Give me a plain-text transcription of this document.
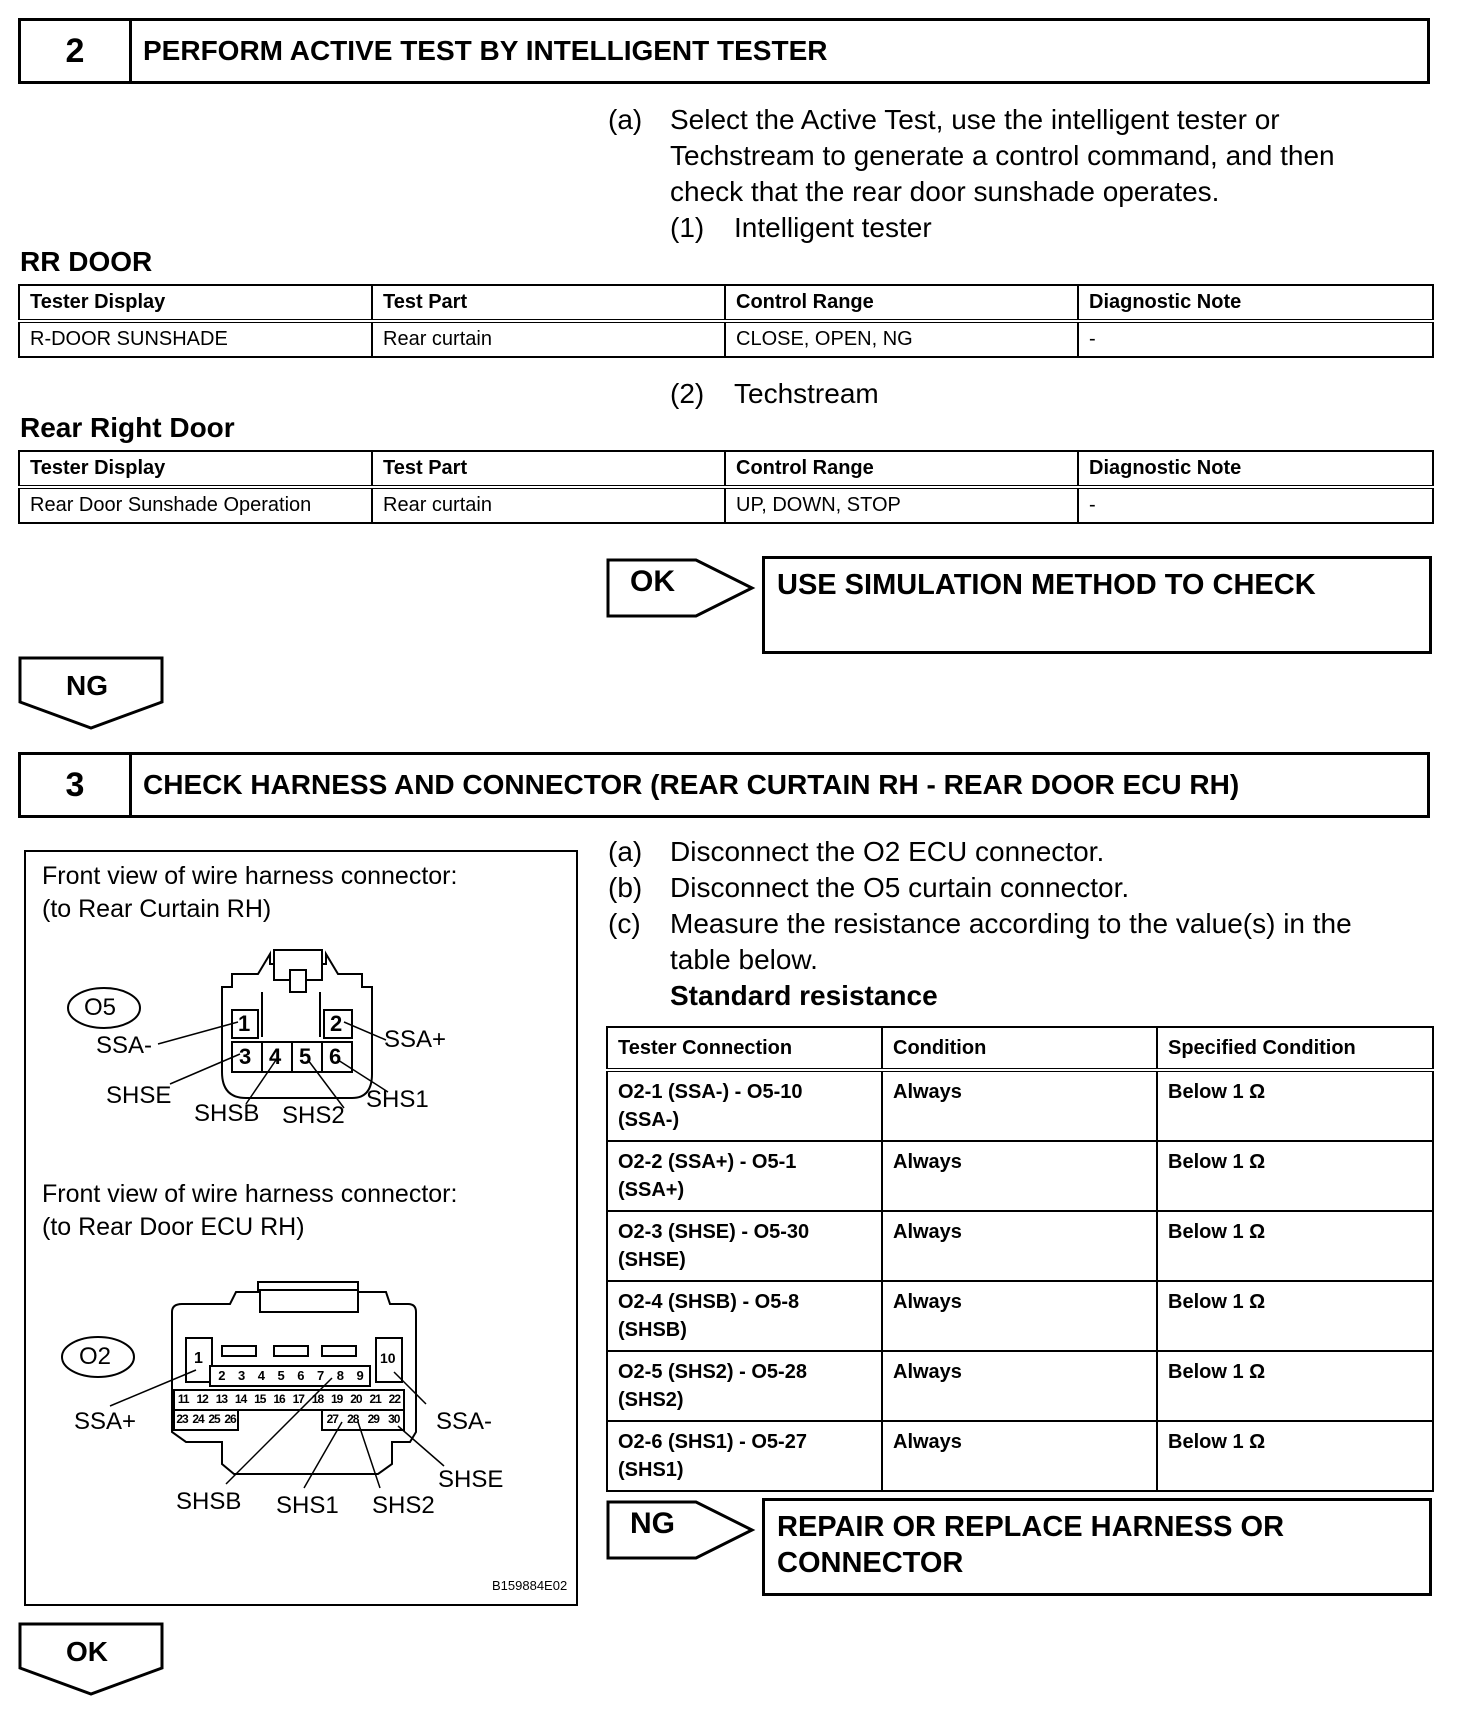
2	PERFORM ACTIVE TEST BY INTELLIGENT TESTER
(a) Select the Active Test, use the intelligent tester or
Techstream to generate a control command, and then
check that the rear door sunshade operates.
(1) Intelligent tester
RR DOOR
Tester Display	Test Part	Control Range	Diagnostic Note
R-DOOR SUNSHADE	Rear curtain	CLOSE, OPEN, NG	-
(2) Techstream
Rear Right Door
Tester Display	Test Part	Control Range	Diagnostic Note
Rear Door Sunshade Operation	Rear curtain	UP, DOWN, STOP	-
OK	USE SIMULATION METHOD TO CHECK
NG
3	CHECK HARNESS AND CONNECTOR (REAR CURTAIN RH - REAR DOOR ECU RH)
(a) Disconnect the O2 ECU connector.
(b) Disconnect the O5 curtain connector.
(c) Measure the resistance according to the value(s) in the
table below.
Standard resistance
Tester Connection	Condition	Specified Condition

O2-1 (SSA-) - O5-10
(SSA-)	Always	Below 1 Ω

O2-2 (SSA+) - O5-1
(SSA+)	Always	Below 1 Ω

O2-3 (SHSE) - O5-30
(SHSE)	Always	Below 1 Ω

O2-4 (SHSB) - O5-8
(SHSB)	Always	Below 1 Ω

O2-5 (SHS2) - O5-28
(SHS2)	Always	Below 1 Ω

O2-6 (SHS1) - O5-27
(SHS1)	Always	Below 1 Ω
NG	REPAIR OR REPLACE HARNESS OR
CONNECTOR
OK
Front view of wire harness connector:
(to Rear Curtain RH)
Front view of wire harness connector:
(to Rear Door ECU RH)
O5
1	2
3 4 5 6
SSA-	SSA+
SHSE
SHSB SHS2
SHS1
O2	1	10
2 3 4 5 6 7 8 9
11 12 13 14 15 16 17 18 19 20 21 22
23 24 25 26	27 28 29 30
SSA+	SSA-
SHSE
SHSB SHS1 SHS2
B159884E02
